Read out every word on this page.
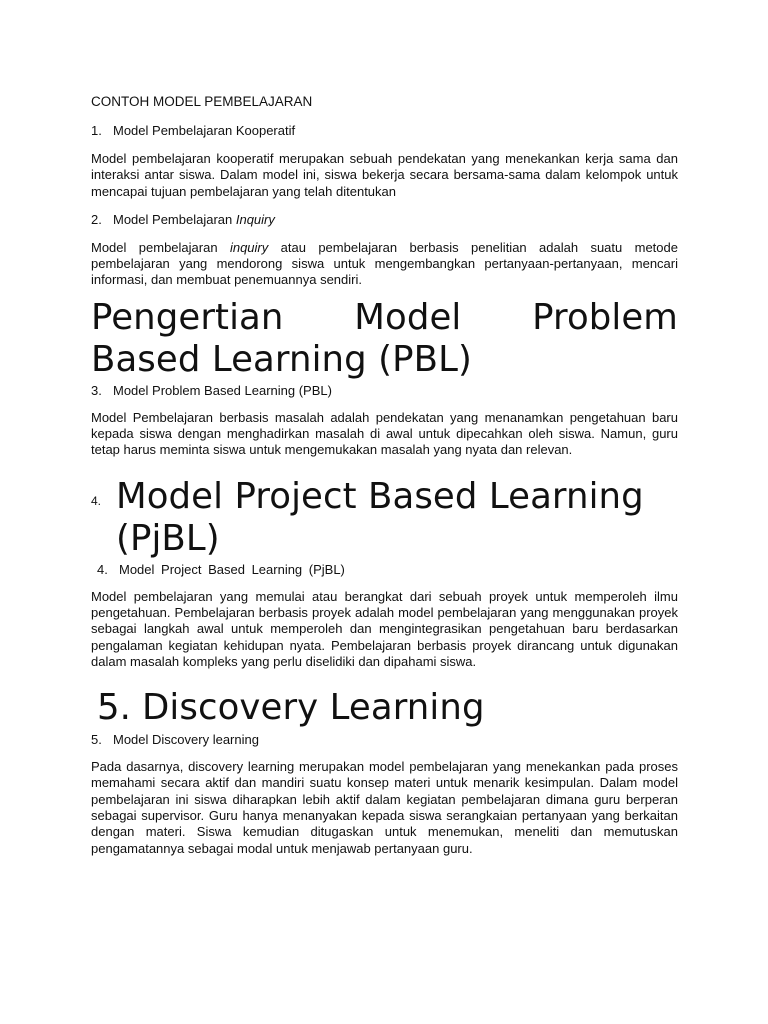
CONTOH MODEL PEMBELAJARAN

1. Model Pembelajaran Kooperatif

Model pembelajaran kooperatif merupakan sebuah pendekatan yang menekankan kerja sama dan interaksi antar siswa. Dalam model ini, siswa bekerja secara bersama-sama dalam kelompok untuk mencapai tujuan pembelajaran yang telah ditentukan

2. Model Pembelajaran Inquiry

Model pembelajaran inquiry atau pembelajaran berbasis penelitian adalah suatu metode pembelajaran yang mendorong siswa untuk mengembangkan pertanyaan-pertanyaan, mencari informasi, dan membuat penemuannya sendiri.

Pengertian Model Problem
Based Learning (PBL)
3. Model Problem Based Learning (PBL)

Model Pembelajaran berbasis masalah adalah pendekatan yang menanamkan pengetahuan baru kepada siswa dengan menghadirkan masalah di awal untuk dipecahkan oleh siswa. Namun, guru tetap harus meminta siswa untuk mengemukakan masalah yang nyata dan relevan.

4. Model Project Based Learning
(PjBL)
4. Model Project Based Learning (PjBL)

Model pembelajaran yang memulai atau berangkat dari sebuah proyek untuk memperoleh ilmu pengetahuan. Pembelajaran berbasis proyek adalah model pembelajaran yang menggunakan proyek sebagai langkah awal untuk memperoleh dan mengintegrasikan pengetahuan baru berdasarkan pengalaman kegiatan kehidupan nyata. Pembelajaran berbasis proyek dirancang untuk digunakan dalam masalah kompleks yang perlu diselidiki dan dipahami siswa.

5. Discovery Learning
5. Model Discovery learning

Pada dasarnya, discovery learning merupakan model pembelajaran yang menekankan pada proses memahami secara aktif dan mandiri suatu konsep materi untuk menarik kesimpulan. Dalam model pembelajaran ini siswa diharapkan lebih aktif dalam kegiatan pembelajaran dimana guru berperan sebagai supervisor. Guru hanya menanyakan kepada siswa serangkaian pertanyaan yang berkaitan dengan materi. Siswa kemudian ditugaskan untuk menemukan, meneliti dan memutuskan pengamatannya sebagai modal untuk menjawab pertanyaan guru.
